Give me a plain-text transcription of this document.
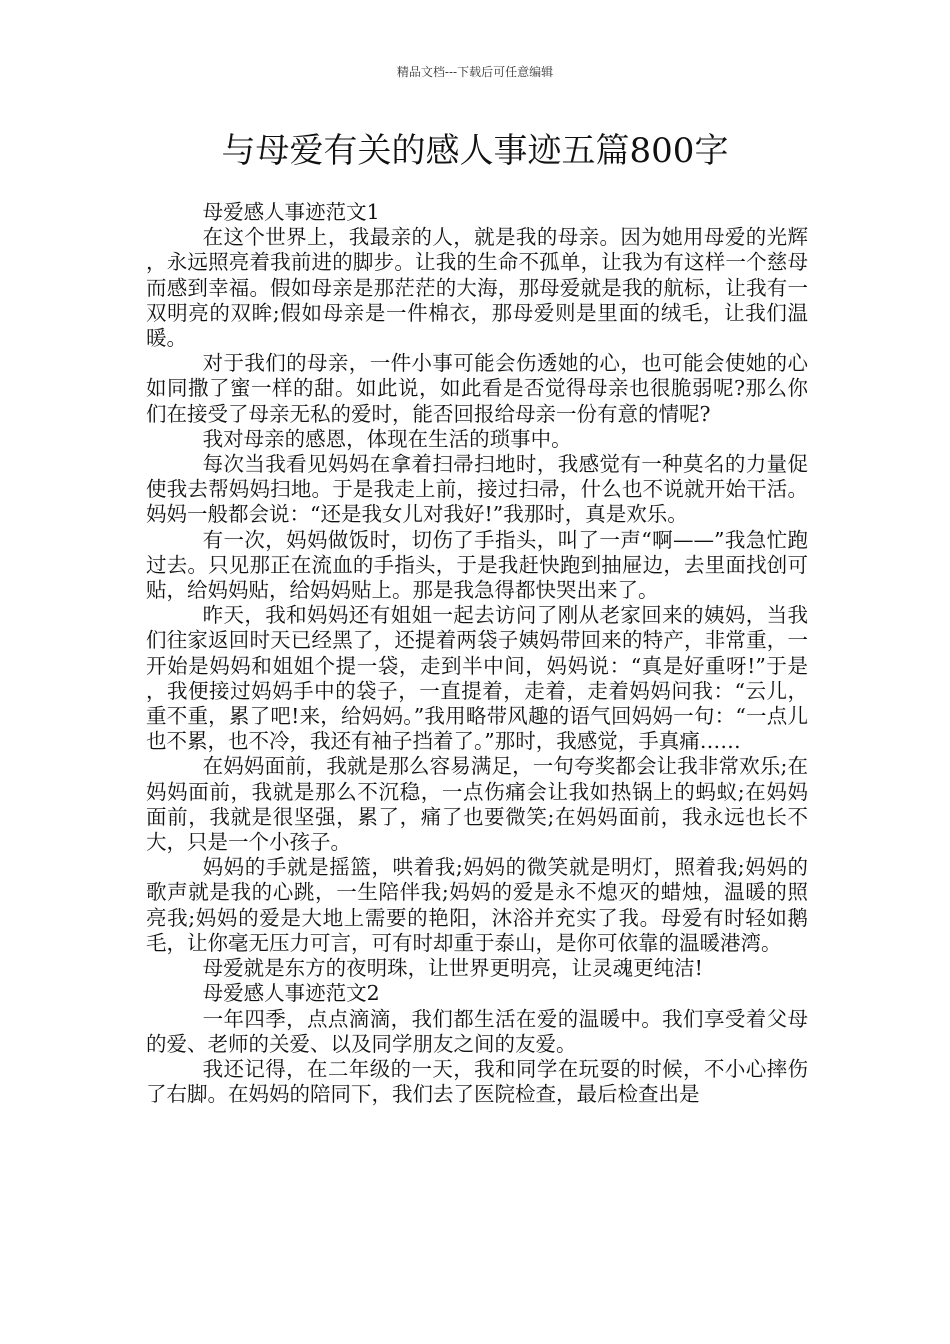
精品文档---下载后可任意编辑
与母爱有关的感人事迹五篇800字

母爱感人事迹范文1

在这个世界上，我最亲的人，就是我的母亲。因为她用母爱的光辉，永远照亮着我前进的脚步。让我的生命不孤单，让我为有这样一个慈母而感到幸福。假如母亲是那茫茫的大海，那母爱就是我的航标，让我有一双明亮的双眸;假如母亲是一件棉衣，那母爱则是里面的绒毛，让我们温暖。

对于我们的母亲，一件小事可能会伤透她的心，也可能会使她的心如同撒了蜜一样的甜。如此说，如此看是否觉得母亲也很脆弱呢?那么你们在接受了母亲无私的爱时，能否回报给母亲一份有意的情呢?

我对母亲的感恩，体现在生活的琐事中。

每次当我看见妈妈在拿着扫帚扫地时，我感觉有一种莫名的力量促使我去帮妈妈扫地。于是我走上前，接过扫帚，什么也不说就开始干活。妈妈一般都会说：“还是我女儿对我好!”我那时，真是欢乐。

有一次，妈妈做饭时，切伤了手指头，叫了一声“啊——”我急忙跑过去。只见那正在流血的手指头，于是我赶快跑到抽屉边，去里面找创可贴，给妈妈贴，给妈妈贴上。那是我急得都快哭出来了。

昨天，我和妈妈还有姐姐一起去访问了刚从老家回来的姨妈，当我们往家返回时天已经黑了，还提着两袋子姨妈带回来的特产，非常重，一开始是妈妈和姐姐个提一袋，走到半中间，妈妈说：“真是好重呀!”于是，我便接过妈妈手中的袋子，一直提着，走着，走着妈妈问我：“云儿，重不重，累了吧!来，给妈妈。”我用略带风趣的语气回妈妈一句：“一点儿也不累，也不冷，我还有袖子挡着了。”那时，我感觉，手真痛……

在妈妈面前，我就是那么容易满足，一句夸奖都会让我非常欢乐;在妈妈面前，我就是那么不沉稳，一点伤痛会让我如热锅上的蚂蚁;在妈妈面前，我就是很坚强，累了，痛了也要微笑;在妈妈面前，我永远也长不大，只是一个小孩子。

妈妈的手就是摇篮，哄着我;妈妈的微笑就是明灯，照着我;妈妈的歌声就是我的心跳，一生陪伴我;妈妈的爱是永不熄灭的蜡烛，温暖的照亮我;妈妈的爱是大地上需要的艳阳，沐浴并充实了我。母爱有时轻如鹅毛，让你毫无压力可言，可有时却重于泰山，是你可依靠的温暖港湾。

母爱就是东方的夜明珠，让世界更明亮，让灵魂更纯洁!

母爱感人事迹范文2

一年四季，点点滴滴，我们都生活在爱的温暖中。我们享受着父母的爱、老师的关爱、以及同学朋友之间的友爱。

我还记得，在二年级的一天，我和同学在玩耍的时候，不小心摔伤了右脚。在妈妈的陪同下，我们去了医院检查，最后检查出是
